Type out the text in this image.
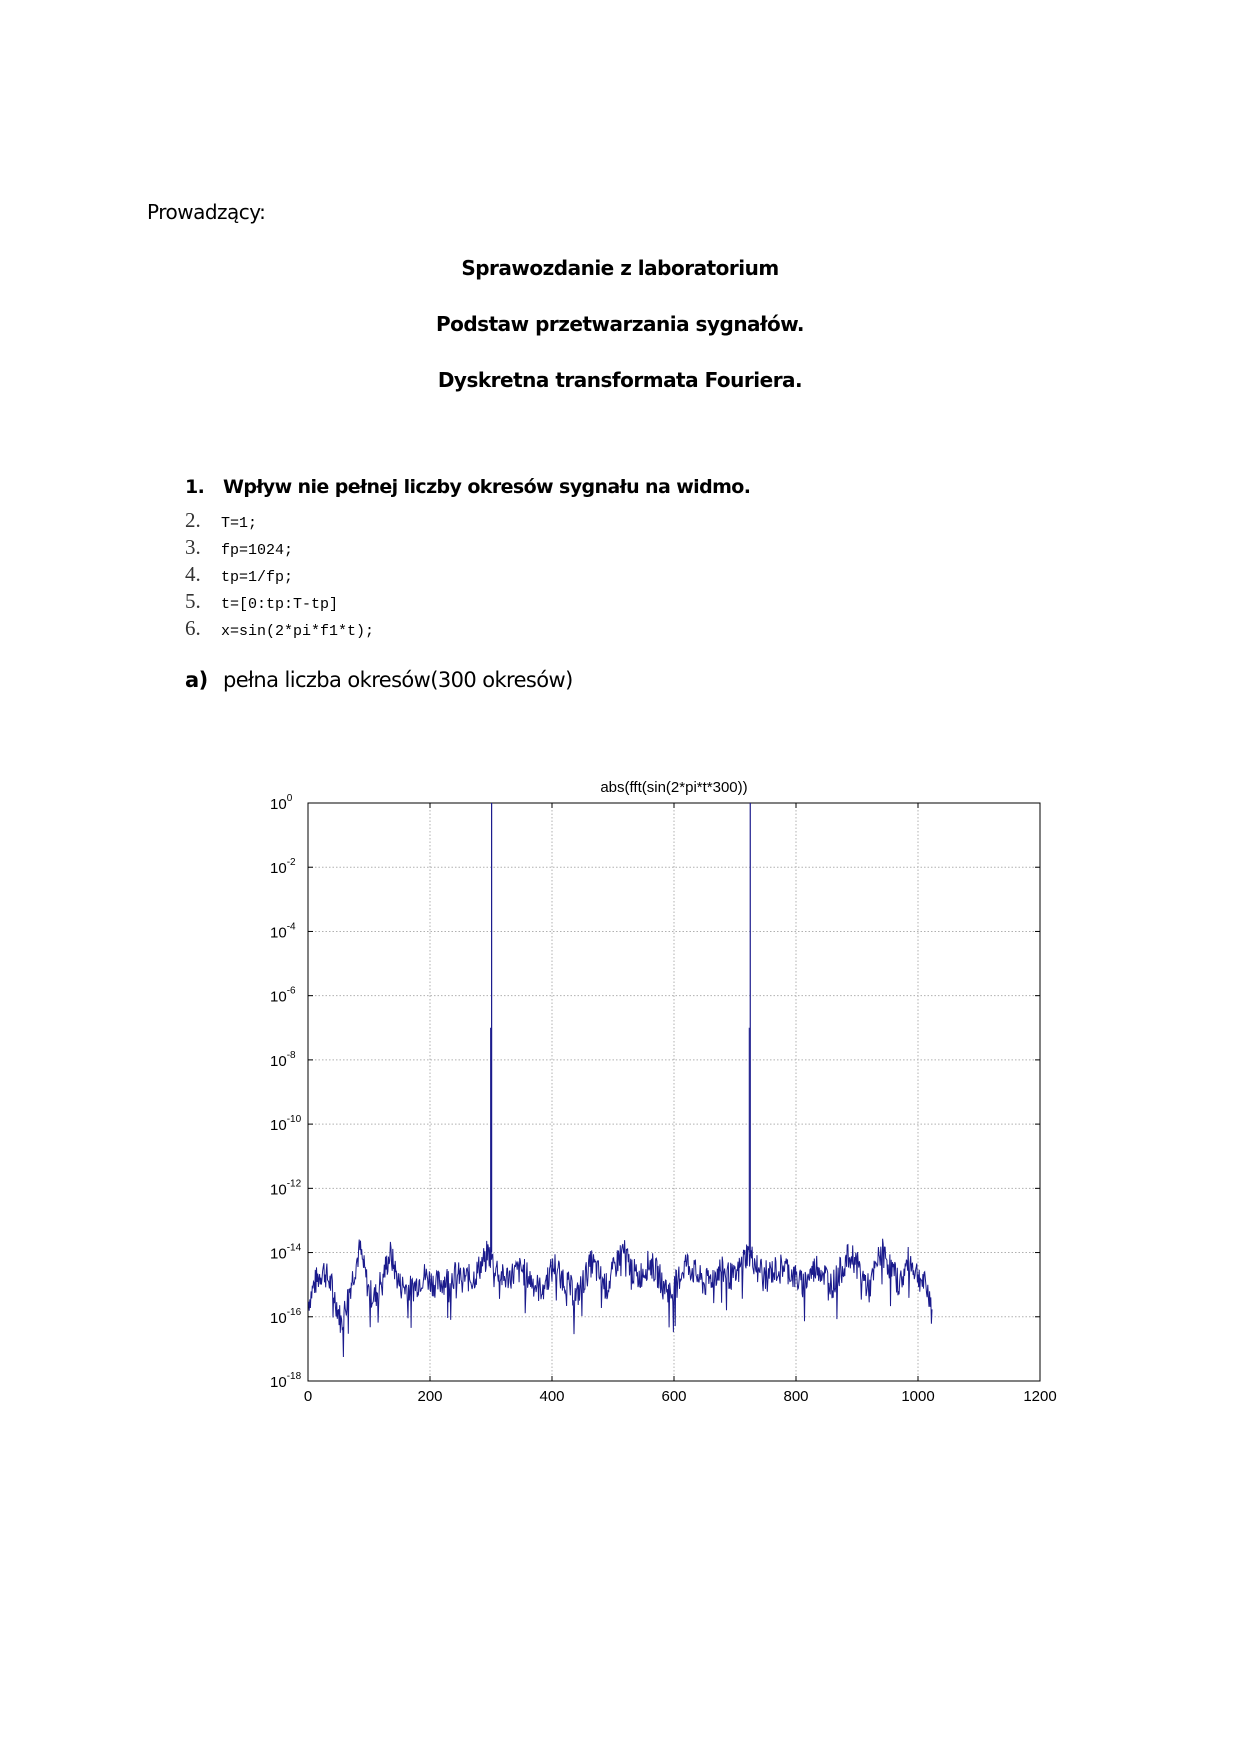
Prowadzący:
Sprawozdanie z laboratorium
Podstaw przetwarzania sygnałów.
Dyskretna transformata Fouriera.
1. Wpływ nie pełnej liczby okresów sygnału na widmo.
2. T=1;
3. fp=1024;
4. tp=1/fp;
5. t=[0:tp:T-tp]
6. x=sin(2*pi*f1*t);
a) pełna liczba okresów(300 okresów)
0	200	400	600	800	1000	1200
$10^0$
$10^{-2}$
$10^{-4}$
$10^{-6}$
$10^{-8}$
$10^{-10}$
$10^{-12}$
$10^{-14}$
$10^{-16}$
$10^{-18}$
abs(fft(sin(2*pi*t*300))
